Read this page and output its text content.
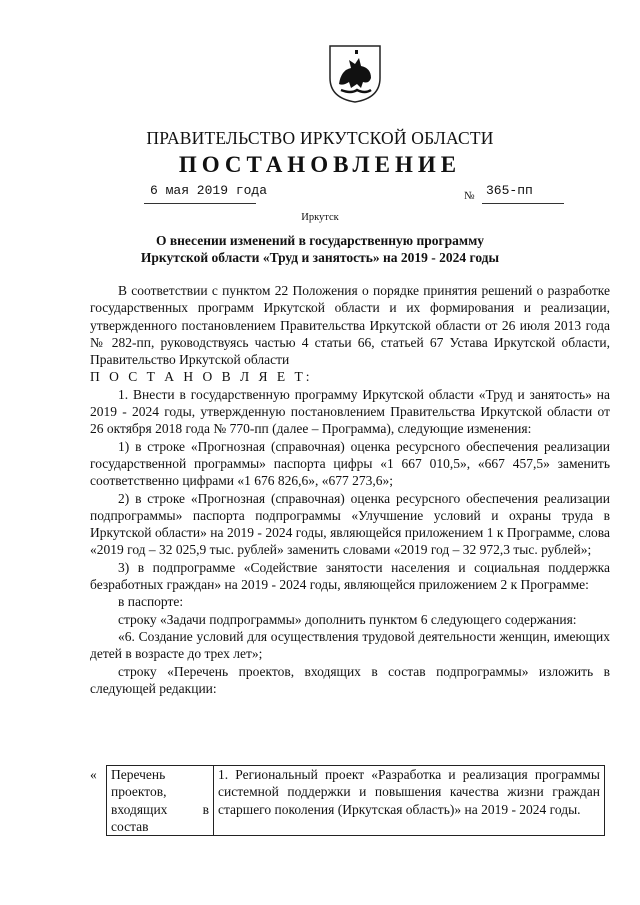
ПРАВИТЕЛЬСТВО ИРКУТСКОЙ ОБЛАСТИ
ПОСТАНОВЛЕНИЕ
6 мая 2019 года	№ 365-пп
Иркутск
О внесении изменений в государственную программу
Иркутской области «Труд и занятость» на 2019 - 2024 годы

В соответствии с пунктом 22 Положения о порядке принятия решений о разработке государственных программ Иркутской области и их формирования и реализации, утвержденного постановлением Правительства Иркутской области от 26 июля 2013 года № 282-пп, руководствуясь частью 4 статьи 66, статьей 67 Устава Иркутской области, Правительство Иркутской области

П О С Т А Н О В Л Я Е Т:

1. Внести в государственную программу Иркутской области «Труд и занятость» на 2019 - 2024 годы, утвержденную постановлением Правительства Иркутской области от 26 октября 2018 года № 770-пп (далее – Программа), следующие изменения:

1) в строке «Прогнозная (справочная) оценка ресурсного обеспечения реализации государственной программы» паспорта цифры «1 667 010,5», «667 457,5» заменить соответственно цифрами «1 676 826,6», «677 273,6»;

2) в строке «Прогнозная (справочная) оценка ресурсного обеспечения реализации подпрограммы» паспорта подпрограммы «Улучшение условий и охраны труда в Иркутской области» на 2019 - 2024 годы, являющейся приложением 1 к Программе, слова «2019 год – 32 025,9 тыс. рублей» заменить словами «2019 год – 32 972,3 тыс. рублей»;

3) в подпрограмме «Содействие занятости населения и социальная поддержка безработных граждан» на 2019 - 2024 годы, являющейся приложением 2 к Программе:

в паспорте:

строку «Задачи подпрограммы» дополнить пунктом 6 следующего содержания:

«6. Создание условий для осуществления трудовой деятельности женщин, имеющих детей в возрасте до трех лет»;

строку «Перечень проектов, входящих в состав подпрограммы» изложить в следующей редакции:

«	Перечень проектов, входящих в состав	1. Региональный проект «Разработка и реализация программы системной поддержки и повышения качества жизни граждан старшего поколения (Иркутская область)» на 2019 - 2024 годы.
